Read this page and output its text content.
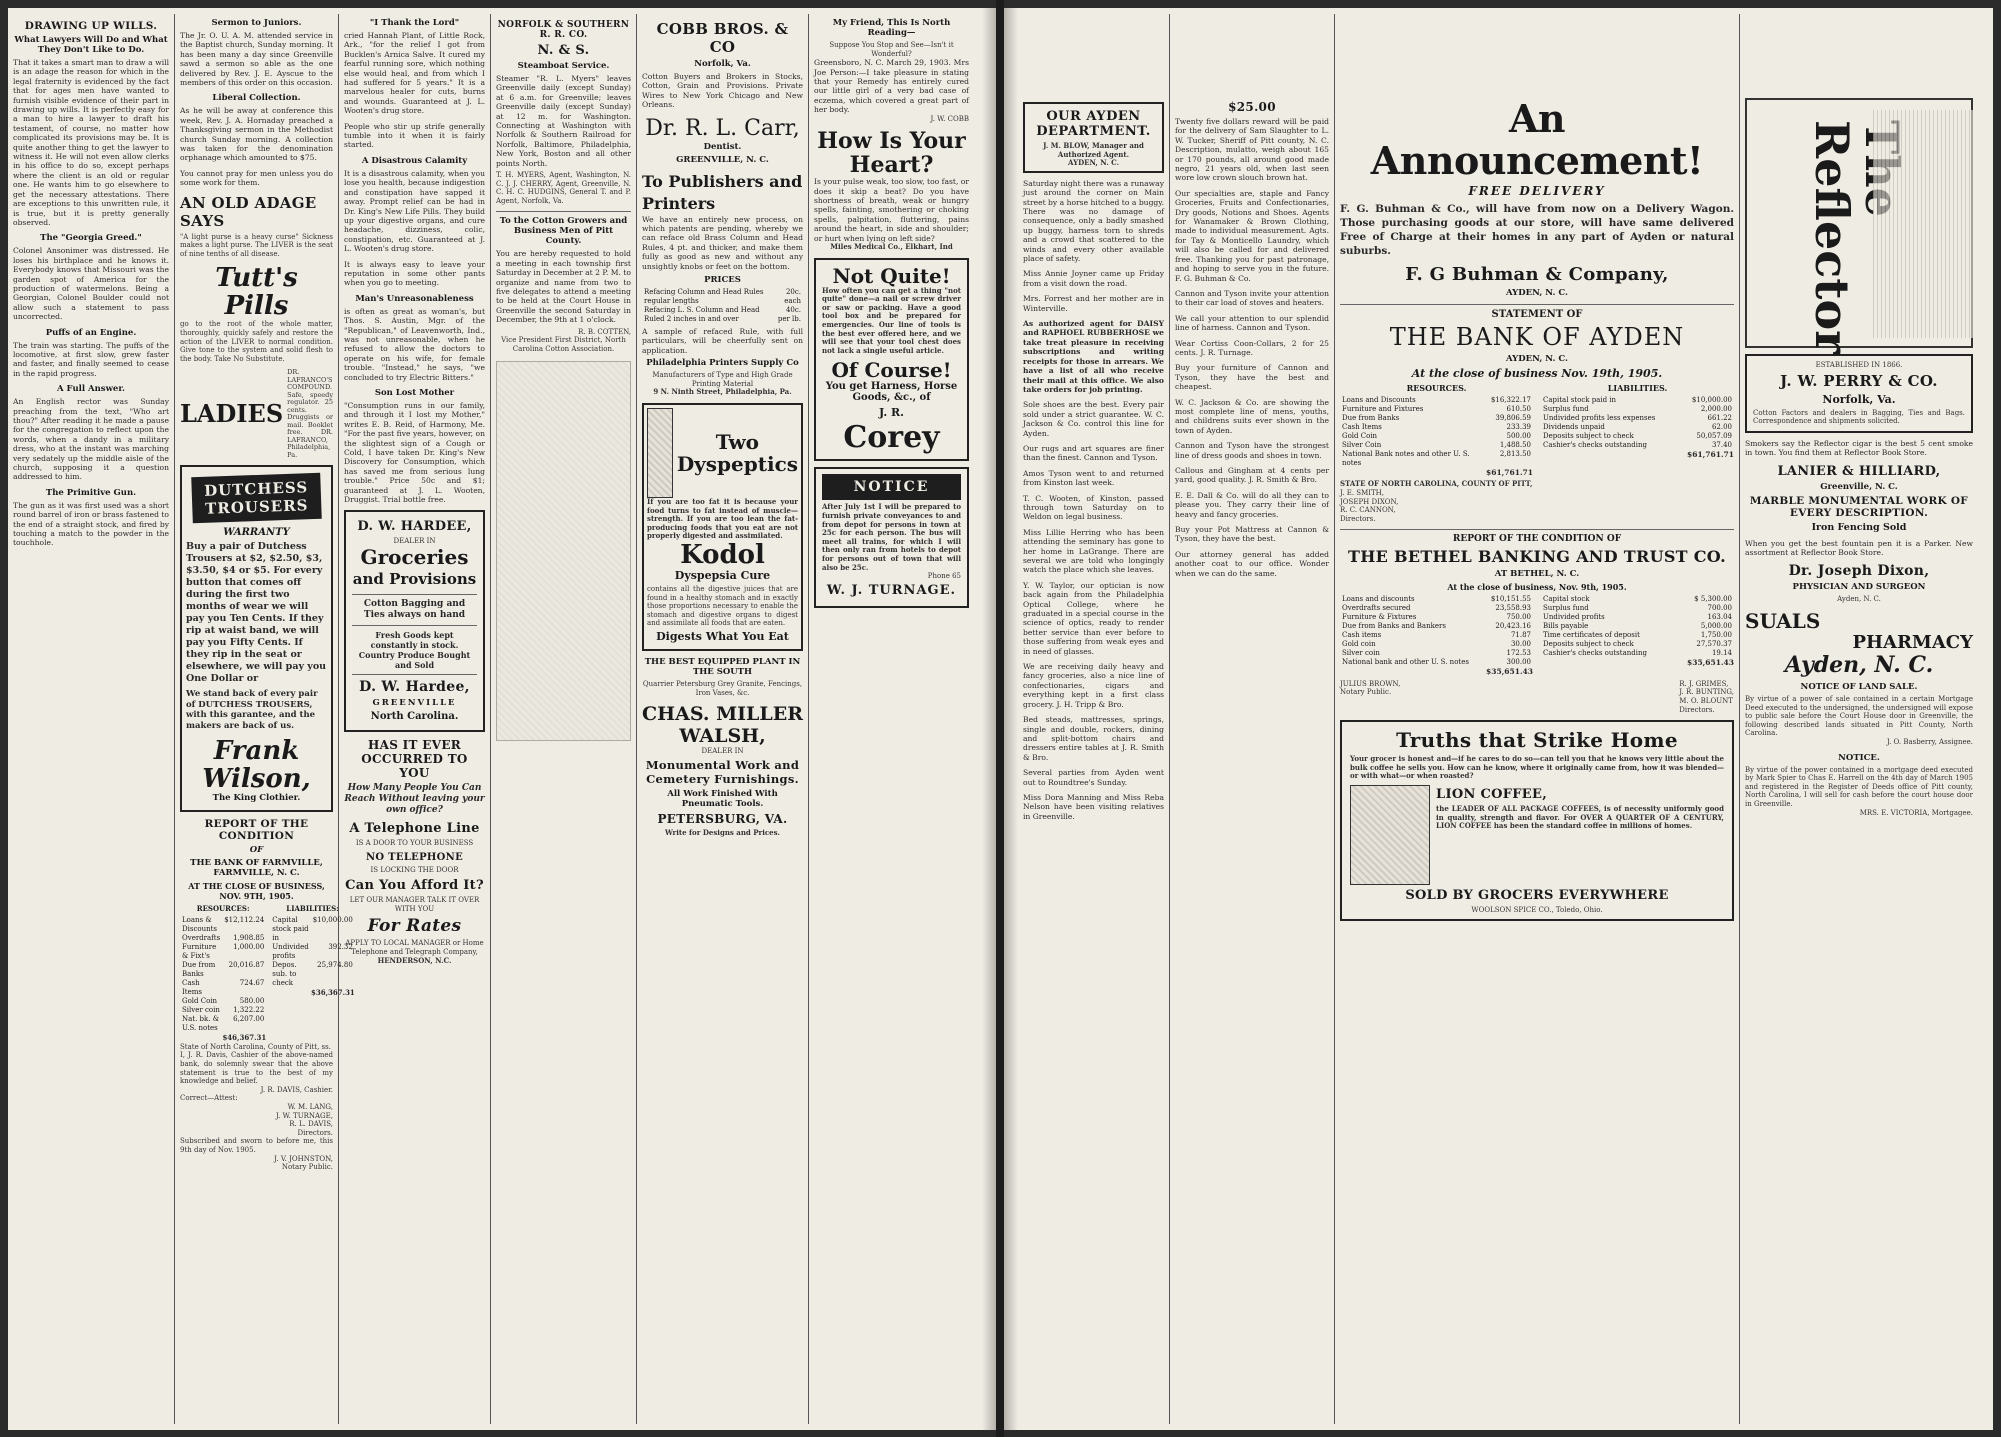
DRAWING UP WILLS.
What Lawyers Will Do and What They Don't Like to Do.
That it takes a smart man to draw a will is an adage the reason for which in the legal fraternity is evidenced by the fact that for ages men have wanted to furnish visible evidence of their part in drawing up wills. It is perfectly easy for a man to hire a lawyer to draft his testament, of course, no matter how complicated its provisions may be. It is quite another thing to get the lawyer to witness it. He will not even allow clerks in his office to do so, except perhaps where the client is an old or regular one. He wants him to go elsewhere to get the necessary attestations. There are exceptions to this unwritten rule, it is true, but it is pretty generally observed.
The "Georgia Greed."
Colonel Ansonimer was distressed. He loses his birthplace and he knows it. Everybody knows that Missouri was the garden spot of America for the production of watermelons. Being a Georgian, Colonel Boulder could not allow such a statement to pass uncorrected.
Puffs of an Engine.
The train was starting. The puffs of the locomotive, at first slow, grew faster and faster, and finally seemed to cease in the rapid progress.
A Full Answer.
An English rector was Sunday preaching from the text, "Who art thou?" After reading it he made a pause for the congregation to reflect upon the words, when a dandy in a military dress, who at the instant was marching very sedately up the middle aisle of the church, supposing it a question addressed to him.
The Primitive Gun.
The gun as it was first used was a short round barrel of iron or brass fastened to the end of a straight stock, and fired by touching a match to the powder in the touchhole.
Sermon to Juniors.
The Jr. O. U. A. M. attended service in the Baptist church, Sunday morning. It has been many a day since Greenville sawd a sermon so able as the one delivered by Rev. J. E. Ayscue to the members of this order on this occasion.
Liberal Collection.
As he will be away at conference this week, Rev. J. A. Hornaday preached a Thanksgiving sermon in the Methodist church Sunday morning. A collection was taken for the denomination orphanage which amounted to $75.
You cannot pray for men unless you do some work for them.
AN OLD ADAGE SAYS
"A light purse is a heavy curse" Sickness makes a light purse. The LIVER is the seat of nine tenths of all disease.
Tutt's Pills
go to the root of the whole matter, thoroughly, quickly safely and restore the action of the LIVER to normal condition. Give tone to the system and solid flesh to the body. Take No Substitute.
LADIES
DR. LAFRANCO'S COMPOUND. Safe, speedy regulator. 25 cents. Druggists or mail. Booklet free. DR. LAFRANCO, Philadelphia, Pa.
DUTCHESS TROUSERS
WARRANTY
Buy a pair of Dutchess Trousers at $2, $2.50, $3, $3.50, $4 or $5. For every button that comes off during the first two months of wear we will pay you Ten Cents. If they rip at waist band, we will pay you Fifty Cents. If they rip in the seat or elsewhere, we will pay you One Dollar or
We stand back of every pair of DUTCHESS TROUSERS, with this garantee, and the makers are back of us.
Frank Wilson,
The King Clothier.
REPORT OF THE CONDITION
OF
THE BANK OF FARMVILLE, FARMVILLE, N. C.
AT THE CLOSE OF BUSINESS, NOV. 9TH, 1905.
RESOURCES:
Loans & Discounts	$12,112.24
Overdrafts	1,908.85
Furniture & Fixt's	1,000.00
Due from Banks	20,016.87
Cash Items	724.67
Gold Coin	580.00
Silver coin	1,322.22
Nat. bk. & U.S. notes	6,207.00
$46,367.31
LIABILITIES:
Capital stock paid in	$10,000.00
Undivided profits	392.32
Depos. sub. to check	25,974.80
$36,367.31
State of North Carolina, County of Pitt, ss.
I, J. R. Davis, Cashier of the above-named bank, do solemnly swear that the above statement is true to the best of my knowledge and belief.
J. R. DAVIS, Cashier.
Correct—Attest:
W. M. LANG,
J. W. TURNAGE,
R. L. DAVIS,
Directors.
Subscribed and sworn to before me, this 9th day of Nov. 1905.
J. V. JOHNSTON,
Notary Public.
"I Thank the Lord"
cried Hannah Plant, of Little Rock, Ark., "for the relief I got from Bucklen's Arnica Salve. It cured my fearful running sore, which nothing else would heal, and from which I had suffered for 5 years." It is a marvelous healer for cuts, burns and wounds. Guaranteed at J. L. Wooten's drug store.
People who stir up strife generally tumble into it when it is fairly started.
A Disastrous Calamity
It is a disastrous calamity, when you lose you health, because indigestion and constipation have sapped it away. Prompt relief can be had in Dr. King's New Life Pills. They build up your digestive organs, and cure headache, dizziness, colic, constipation, etc. Guaranteed at J. L. Wooten's drug store.
It is always easy to leave your reputation in some other pants when you go to meeting.
Man's Unreasonableness
is often as great as woman's, but Thos. S. Austin, Mgr. of the "Republican," of Leavenworth, Ind., was not unreasonable, when he refused to allow the doctors to operate on his wife, for female trouble. "Instead," he says, "we concluded to try Electric Bitters."
Son Lost Mother
"Consumption runs in our family, and through it I lost my Mother," writes E. B. Reid, of Harmony, Me. "For the past five years, however, on the slightest sign of a Cough or Cold, I have taken Dr. King's New Discovery for Consumption, which has saved me from serious lung trouble." Price 50c and $1; guaranteed at J. L. Wooten, Druggist. Trial bottle free.
D. W. HARDEE,
DEALER IN
Groceries
and Provisions
Cotton Bagging and Ties always on hand
Fresh Goods kept constantly in stock. Country Produce Bought and Sold
D. W. Hardee,
GREENVILLE
North Carolina.
HAS IT EVER OCCURRED TO YOU
How Many People You Can Reach Without leaving your own office?
A Telephone Line
IS A DOOR TO YOUR BUSINESS
NO TELEPHONE
IS LOCKING THE DOOR
Can You Afford It?
LET OUR MANAGER TALK IT OVER WITH YOU
For Rates
APPLY TO LOCAL MANAGER or Home Telephone and Telegraph Company,
HENDERSON, N.C.
NORFOLK & SOUTHERN R. R. CO.
N. & S.
Steamboat Service.
Steamer "R. L. Myers" leaves Greenville daily (except Sunday) at 6 a.m. for Greenville; leaves Greenville daily (except Sunday) at 12 m. for Washington. Connecting at Washington with Norfolk & Southern Railroad for Norfolk, Baltimore, Philadelphia, New York, Boston and all other points North.
T. H. MYERS, Agent, Washington, N. C. J. J. CHERRY, Agent, Greenville, N. C. H. C. HUDGINS, General T. and P. Agent, Norfolk, Va.
To the Cotton Growers and Business Men of Pitt County.
You are hereby requested to hold a meeting in each township first Saturday in December at 2 P. M. to organize and name from two to five delegates to attend a meeting to be held at the Court House in Greenville the second Saturday in December, the 9th at 1 o'clock.
R. B. COTTEN,
Vice President First District, North Carolina Cotton Association.
COBB BROS. & CO
Norfolk, Va.
Cotton Buyers and Brokers in Stocks, Cotton, Grain and Provisions. Private Wires to New York Chicago and New Orleans.
Dr. R. L. Carr,
Dentist.
GREENVILLE, N. C.
To Publishers and Printers
We have an entirely new process, on which patents are pending, whereby we can reface old Brass Column and Head Rules, 4 pt. and thicker, and make them fully as good as new and without any unsightly knobs or feet on the bottom.
PRICES
Refacing Column and Head Rules regular lengths	20c. each
Refacing L. S. Column and Head Ruled 2 inches in and over	40c. per lb.
A sample of refaced Rule, with full particulars, will be cheerfully sent on application.
Philadelphia Printers Supply Co
Manufacturers of Type and High Grade Printing Material
9 N. Ninth Street, Philadelphia, Pa.
Two Dyspeptics
If you are too fat it is because your food turns to fat instead of muscle—strength. If you are too lean the fat-producing foods that you eat are not properly digested and assimilated.
Kodol
Dyspepsia Cure
contains all the digestive juices that are found in a healthy stomach and in exactly those proportions necessary to enable the stomach and digestive organs to digest and assimilate all foods that are eaten.
Digests What You Eat
THE BEST EQUIPPED PLANT IN THE SOUTH
Quarrier Petersburg Grey Granite, Fencings, Iron Vases, &c.
CHAS. MILLER WALSH,
DEALER IN
Monumental Work and Cemetery Furnishings.
All Work Finished With Pneumatic Tools.
PETERSBURG, VA.
Write for Designs and Prices.
My Friend, This Is North Reading—
Suppose You Stop and See—Isn't it Wonderful?
Greensboro, N. C. March 29, 1903. Mrs Joe Person:—I take pleasure in stating that your Remedy has entirely cured our little girl of a very bad case of eczema, which covered a great part of her body.
J. W. COBB
How Is Your Heart?
Is your pulse weak, too slow, too fast, or does it skip a beat? Do you have shortness of breath, weak or hungry spells, fainting, smothering or choking spells, palpitation, fluttering, pains around the heart, in side and shoulder; or hurt when lying on left side?
Miles Medical Co., Elkhart, Ind
Not Quite!
How often you can get a thing "not quite" done—a nail or screw driver or saw or packing. Have a good tool box and be prepared for emergencies. Our line of tools is the best ever offered here, and we will see that your tool chest does not lack a single useful article.
Of Course!
You get Harness, Horse Goods, &c., of
J. R.
Corey
NOTICE
After July 1st I will be prepared to furnish private conveyances to and from depot for persons in town at 25c for each person. The bus will meet all trains, for which I will then only ran from hotels to depot for persons out of town that will also be 25c.
Phone 65
W. J. TURNAGE.
OUR AYDEN DEPARTMENT.
J. M. BLOW, Manager and Authorized Agent.
AYDEN, N. C.
Saturday night there was a runaway just around the corner on Main street by a horse hitched to a buggy. There was no damage of consequence, only a badly smashed up buggy, harness torn to shreds and a crowd that scattered to the winds and every other available place of safety.
Miss Annie Joyner came up Friday from a visit down the road.
Mrs. Forrest and her mother are in Winterville.
As authorized agent for DAISY and RAPHOEL RUBBERHOSE we take treat pleasure in receiving subscriptions and writing receipts for those in arrears. We have a list of all who receive their mail at this office. We also take orders for job printing.
Sole shoes are the best. Every pair sold under a strict guarantee. W. C. Jackson & Co. control this line for Ayden.
Our rugs and art squares are finer than the finest. Cannon and Tyson.
Amos Tyson went to and returned from Kinston last week.
T. C. Wooten, of Kinston, passed through town Saturday on to Weldon on legal business.
Miss Lillie Herring who has been attending the seminary has gone to her home in LaGrange. There are several we are told who longingly watch the place which she leaves.
Y. W. Taylor, our optician is now back again from the Philadelphia Optical College, where he graduated in a special course in the science of optics, ready to render better service than ever before to those suffering from weak eyes and in need of glasses.
We are receiving daily heavy and fancy groceries, also a nice line of confectionaries, cigars and everything kept in a first class grocery. J. H. Tripp & Bro.
Bed steads, mattresses, springs, single and double, rockers, dining and split-bottom chairs and dressers entire tables at J. R. Smith & Bro.
Several parties from Ayden went out to Roundtree's Sunday.
Miss Dora Manning and Miss Reba Nelson have been visiting relatives in Greenville.
$25.00
Twenty five dollars reward will be paid for the delivery of Sam Slaughter to L. W. Tucker, Sheriff of Pitt county, N. C. Description, mulatto, weigh about 165 or 170 pounds, all around good made negro, 21 years old, when last seen wore low crown slouch brown hat.
Our specialties are, staple and Fancy Groceries, Fruits and Confectionaries, Dry goods, Notions and Shoes. Agents for Wanamaker & Brown Clothing, made to individual measurement. Agts. for Tay & Monticello Laundry, which will also be called for and delivered free. Thanking you for past patronage, and hoping to serve you in the future. F. G. Buhman & Co.
Cannon and Tyson invite your attention to their car load of stoves and heaters.
We call your attention to our splendid line of harness. Cannon and Tyson.
Wear Cortiss Coon-Collars, 2 for 25 cents. J. R. Turnage.
Buy your furniture of Cannon and Tyson, they have the best and cheapest.
W. C. Jackson & Co. are showing the most complete line of mens, youths, and childrens suits ever shown in the town of Ayden.
Cannon and Tyson have the strongest line of dress goods and shoes in town.
Callous and Gingham at 4 cents per yard, good quality. J. R. Smith & Bro.
E. E. Dall & Co. will do all they can to please you. They carry their line of heavy and fancy groceries.
Buy your Pot Mattress at Cannon & Tyson, they have the best.
Our attorney general has added another coat to our office. Wonder when we can do the same.
An Announcement!
FREE DELIVERY
F. G. Buhman & Co., will have from now on a Delivery Wagon. Those purchasing goods at our store, will have same delivered Free of Charge at their homes in any part of Ayden or natural suburbs.
F. G Buhman & Company,
AYDEN, N. C.
STATEMENT OF
THE BANK OF AYDEN
AYDEN, N. C.
At the close of business Nov. 19th, 1905.
RESOURCES.
Loans and Discounts	$16,322.17
Furniture and Fixtures	610.50
Due from Banks	39,806.59
Cash Items	233.39
Gold Coin	500.00
Silver Coin	1,488.50
National Bank notes and other U. S. notes	2,813.50
$61,761.71
LIABILITIES.
Capital stock paid in	$10,000.00
Surplus fund	2,000.00
Undivided profits less expenses	661.22
Dividends unpaid	62.00
Deposits subject to check	50,057.09
Cashier's checks outstanding	37.40
$61,761.71
STATE OF NORTH CAROLINA, COUNTY OF PITT,
J. E. SMITH,
JOSEPH DIXON,
R. C. CANNON,
Directors.
REPORT OF THE CONDITION OF
THE BETHEL BANKING AND TRUST CO.
AT BETHEL, N. C.
At the close of business, Nov. 9th, 1905.
Loans and discounts	$10,151.55
Overdrafts secured	23,558.93
Furniture & Fixtures	750.00
Due from Banks and Bankers	20,423.16
Cash items	71.87
Gold coin	30.00
Silver coin	172.53
National bank and other U. S. notes	300.00
$35,651.43
Capital stock	$ 5,300.00
Surplus fund	700.00
Undivided profits	163.04
Bills payable	5,000.00
Time certificates of deposit	1,750.00
Deposits subject to check	27,570.37
Cashier's checks outstanding	19.14
$35,651.43
JULIUS BROWN,
Notary Public.
R. J. GRIMES,
J. R. BUNTING,
M. O. BLOUNT
Directors.
Truths that Strike Home
Your grocer is honest and—if he cares to do so—can tell you that he knows very little about the bulk coffee he sells you. How can he know, where it originally came from, how it was blended—or with what—or when roasted?
LION COFFEE,
the LEADER OF ALL PACKAGE COFFEES, is of necessity uniformly good in quality, strength and flavor. For OVER A QUARTER OF A CENTURY, LION COFFEE has been the standard coffee in millions of homes.
SOLD BY GROCERS EVERYWHERE
WOOLSON SPICE CO., Toledo, Ohio.
Reflector
ESTABLISHED IN 1866.
J. W. PERRY & CO.
Norfolk, Va.
Cotton Factors and dealers in Bagging, Ties and Bags. Correspondence and shipments solicited.
Smokers say the Reflector cigar is the best 5 cent smoke in town. You find them at Reflector Book Store.
LANIER & HILLIARD,
Greenville, N. C.
MARBLE MONUMENTAL WORK OF EVERY DESCRIPTION.
Iron Fencing Sold
When you get the best fountain pen it is a Parker. New assortment at Reflector Book Store.
Dr. Joseph Dixon,
PHYSICIAN AND SURGEON
Ayden, N. C.
SUALS
PHARMACY
Ayden, N. C.
NOTICE OF LAND SALE.
By virtue of a power of sale contained in a certain Mortgage Deed executed to the undersigned, the undersigned will expose to public sale before the Court House door in Greenville, the following described lands situated in Pitt County, North Carolina.
J. O. Basberry, Assignee.
NOTICE.
By virtue of the power contained in a mortgage deed executed by Mark Spier to Chas E. Harrell on the 4th day of March 1905 and registered in the Register of Deeds office of Pitt county, North Carolina, I will sell for cash before the court house door in Greenville.
MRS. E. VICTORIA, Mortgagee.
